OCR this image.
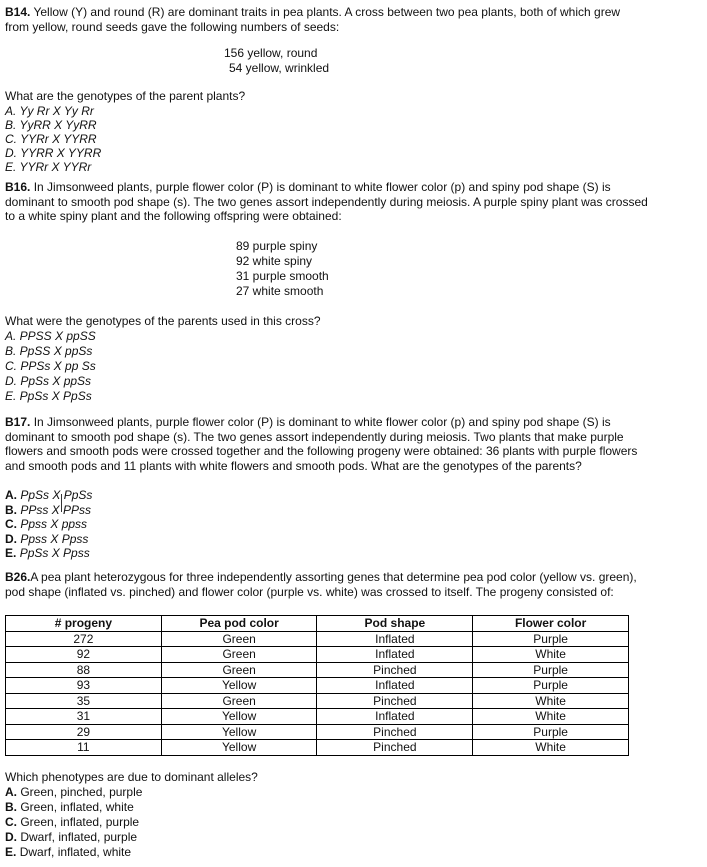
B14. Yellow (Y) and round (R) are dominant traits in pea plants. A cross between two pea plants, both of which grew

from yellow, round seeds gave the following numbers of seeds:

156 yellow, round
54 yellow, wrinkled

What are the genotypes of the parent plants?

A. Yy Rr X Yy Rr

B. YyRR X YyRR

C. YYRr X YYRR

D. YYRR X YYRR

E. YYRr X YYRr

B16. In Jimsonweed plants, purple flower color (P) is dominant to white flower color (p) and spiny pod shape (S) is

dominant to smooth pod shape (s). The two genes assort independently during meiosis. A purple spiny plant was crossed

to a white spiny plant and the following offspring were obtained:

89 purple spiny
92 white spiny
31 purple smooth
27 white smooth

What were the genotypes of the parents used in this cross?

A. PPSS X ppSS

B. PpSS X ppSs

C. PPSs X pp Ss

D. PpSs X ppSs

E. PpSs X PpSs

B17. In Jimsonweed plants, purple flower color (P) is dominant to white flower color (p) and spiny pod shape (S) is

dominant to smooth pod shape (s). The two genes assort independently during meiosis. Two plants that make purple

flowers and smooth pods were crossed together and the following progeny were obtained: 36 plants with purple flowers

and smooth pods and 11 plants with white flowers and smooth pods. What are the genotypes of the parents?

A. PpSs X PpSs

B. PPss X PPss

C. Ppss X ppss

D. Ppss X Ppss

E. PpSs X Ppss

B26.A pea plant heterozygous for three independently assorting genes that determine pea pod color (yellow vs. green),

pod shape (inflated vs. pinched) and flower color (purple vs. white) was crossed to itself. The progeny consisted of:

# progeny	Pea pod color	Pod shape	Flower color
272	Green	Inflated	Purple
92	Green	Inflated	White
88	Green	Pinched	Purple
93	Yellow	Inflated	Purple
35	Green	Pinched	White
31	Yellow	Inflated	White
29	Yellow	Pinched	Purple
11	Yellow	Pinched	White

Which phenotypes are due to dominant alleles?

A. Green, pinched, purple

B. Green, inflated, white

C. Green, inflated, purple

D. Dwarf, inflated, purple

E. Dwarf, inflated, white
